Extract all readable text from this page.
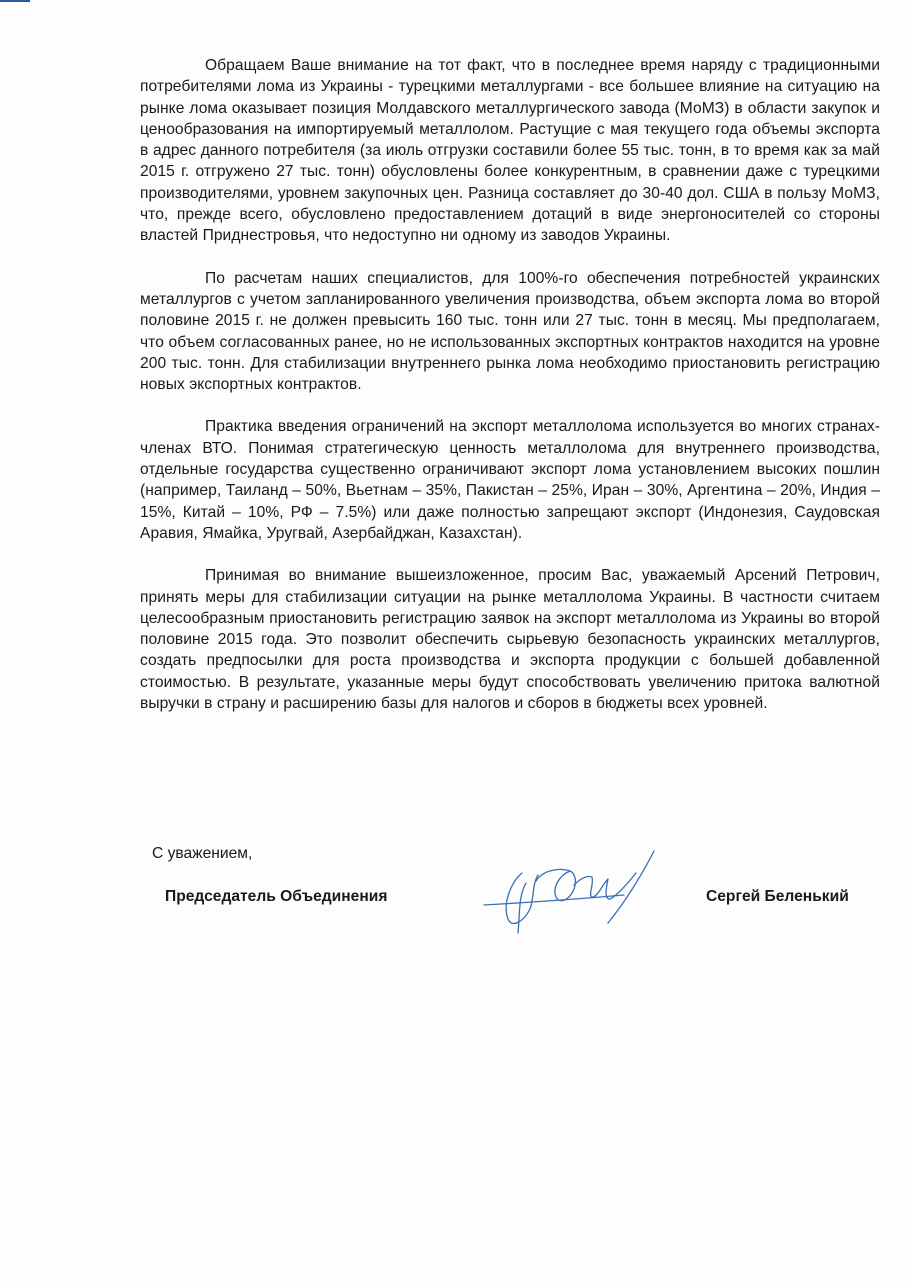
Обращаем Ваше внимание на тот факт, что в последнее время наряду с традиционными потребителями лома из Украины - турецкими металлургами - все большее влияние на ситуацию на рынке лома оказывает позиция Молдавского металлургического завода (МоМЗ) в области закупок и ценообразования на импортируемый металлолом. Растущие с мая текущего года объемы экспорта в адрес данного потребителя (за июль отгрузки составили более 55 тыс. тонн, в то время как за май 2015 г. отгружено 27 тыс. тонн) обусловлены более конкурентным, в сравнении даже с турецкими производителями, уровнем закупочных цен. Разница составляет до 30-40 дол. США в пользу МоМЗ, что, прежде всего, обусловлено предоставлением дотаций в виде энергоносителей со стороны властей Приднестровья, что недоступно ни одному из заводов Украины.

По расчетам наших специалистов, для 100%-го обеспечения потребностей украинских металлургов с учетом запланированного увеличения производства, объем экспорта лома во второй половине 2015 г. не должен превысить 160 тыс. тонн или 27 тыс. тонн в месяц. Мы предполагаем, что объем согласованных ранее, но не использованных экспортных контрактов находится на уровне 200 тыс. тонн. Для стабилизации внутреннего рынка лома необходимо приостановить регистрацию новых экспортных контрактов.

Практика введения ограничений на экспорт металлолома используется во многих странах-членах ВТО. Понимая стратегическую ценность металлолома для внутреннего производства, отдельные государства существенно ограничивают экспорт лома установлением высоких пошлин (например, Таиланд – 50%, Вьетнам – 35%, Пакистан – 25%, Иран – 30%, Аргентина – 20%, Индия – 15%, Китай – 10%, РФ – 7.5%) или даже полностью запрещают экспорт (Индонезия, Саудовская Аравия, Ямайка, Уругвай, Азербайджан, Казахстан).

Принимая во внимание вышеизложенное, просим Вас, уважаемый Арсений Петрович, принять меры для стабилизации ситуации на рынке металлолома Украины. В частности считаем целесообразным приостановить регистрацию заявок на экспорт металлолома из Украины во второй половине 2015 года. Это позволит обеспечить сырьевую безопасность украинских металлургов, создать предпосылки для роста производства и экспорта продукции с большей добавленной стоимостью. В результате, указанные меры будут способствовать увеличению притока валютной выручки в страну и расширению базы для налогов и сборов в бюджеты всех уровней.

С уважением,
Председатель Объединения	Сергей Беленький
